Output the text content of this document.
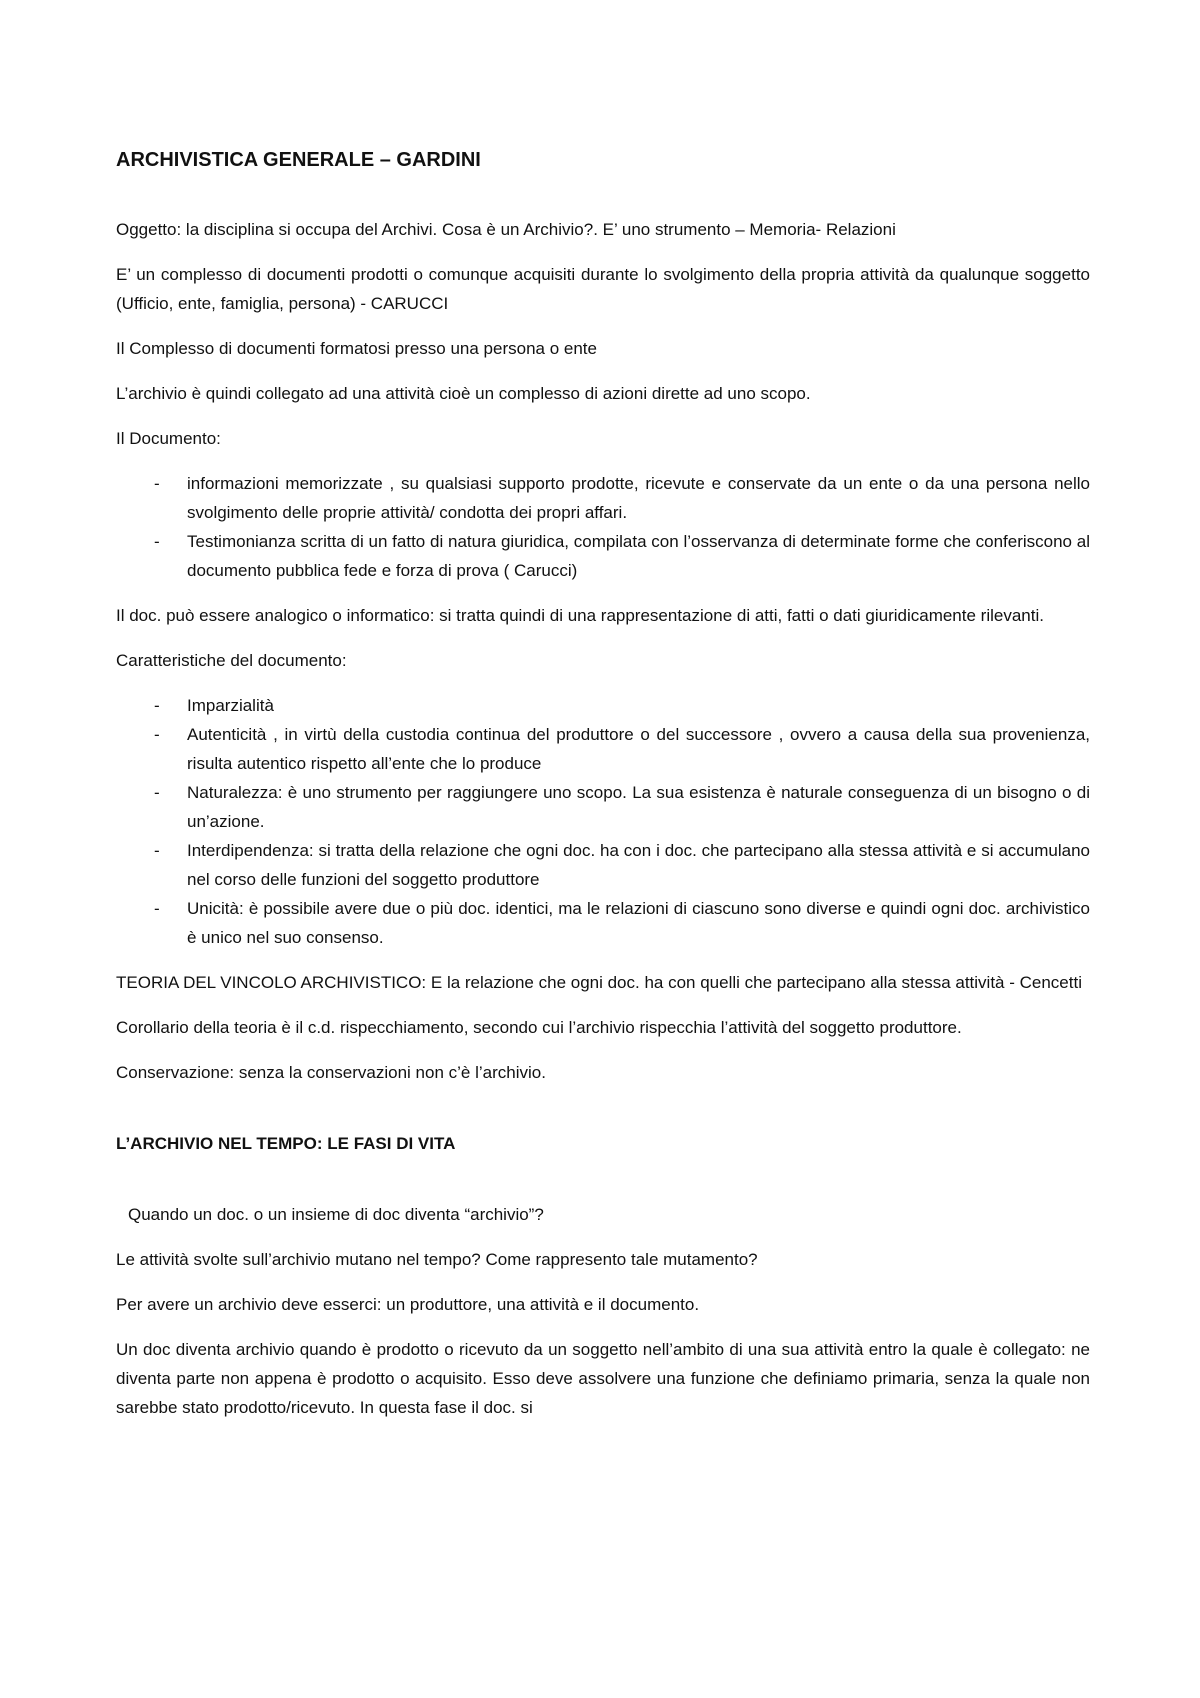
ARCHIVISTICA GENERALE – GARDINI

Oggetto: la disciplina si occupa del Archivi. Cosa è un Archivio?. E’ uno strumento – Memoria- Relazioni

E’ un complesso di documenti prodotti o comunque acquisiti durante lo svolgimento della propria attività da qualunque soggetto (Ufficio, ente, famiglia, persona) - CARUCCI

Il Complesso di documenti formatosi presso una persona o ente

L’archivio è quindi collegato ad una attività cioè un complesso di azioni dirette ad uno scopo.

Il Documento:

- informazioni memorizzate , su qualsiasi supporto prodotte, ricevute e conservate da un ente o da una persona nello svolgimento delle proprie attività/ condotta dei propri affari.
- Testimonianza scritta di un fatto di natura giuridica, compilata con l’osservanza di determinate forme che conferiscono al documento pubblica fede e forza di prova ( Carucci)

Il doc. può essere analogico o informatico: si tratta quindi di una rappresentazione di atti, fatti o dati giuridicamente rilevanti.

Caratteristiche del documento:

- Imparzialità
- Autenticità , in virtù della custodia continua del produttore o del successore , ovvero a causa della sua provenienza, risulta autentico rispetto all’ente che lo produce
- Naturalezza: è uno strumento per raggiungere uno scopo. La sua esistenza è naturale conseguenza di un bisogno o di un’azione.
- Interdipendenza: si tratta della relazione che ogni doc. ha con i doc. che partecipano alla stessa attività e si accumulano nel corso delle funzioni del soggetto produttore
- Unicità: è possibile avere due o più doc. identici, ma le relazioni di ciascuno sono diverse e quindi ogni doc. archivistico è unico nel suo consenso.

TEORIA DEL VINCOLO ARCHIVISTICO: E la relazione che ogni doc. ha con quelli che partecipano alla stessa attività - Cencetti

Corollario della teoria è il c.d. rispecchiamento, secondo cui l’archivio rispecchia l’attività del soggetto produttore.

Conservazione: senza la conservazioni non c’è l’archivio.

L’ARCHIVIO NEL TEMPO: LE FASI DI VITA

Quando un doc. o un insieme di doc diventa “archivio”?

Le attività svolte sull’archivio mutano nel tempo? Come rappresento tale mutamento?

Per avere un archivio deve esserci: un produttore, una attività e il documento.

Un doc diventa archivio quando è prodotto o ricevuto da un soggetto nell’ambito di una sua attività entro la quale è collegato: ne diventa parte non appena è prodotto o acquisito. Esso deve assolvere una funzione che definiamo primaria, senza la quale non sarebbe stato prodotto/ricevuto. In questa fase il doc. si
